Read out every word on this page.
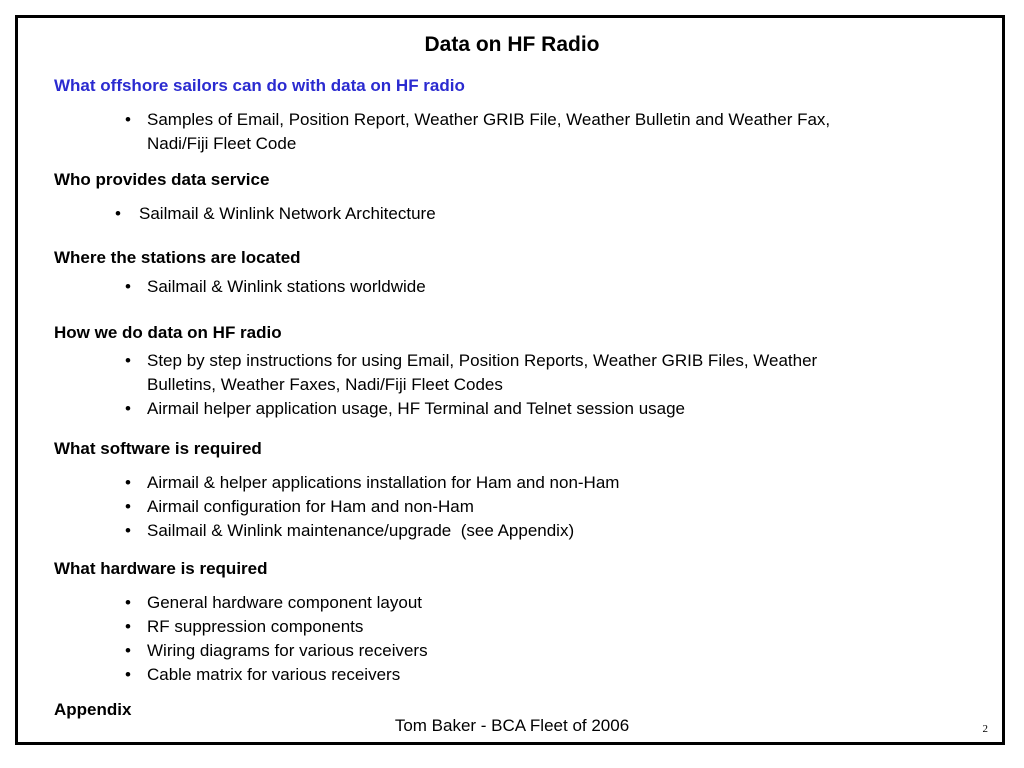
Data on HF Radio
What offshore sailors can do with data on HF radio
• Samples of Email, Position Report, Weather GRIB File, Weather Bulletin and Weather Fax,
Nadi/Fiji Fleet Code
Who provides data service
• Sailmail & Winlink Network Architecture
Where the stations are located
• Sailmail & Winlink stations worldwide
How we do data on HF radio
• Step by step instructions for using Email, Position Reports, Weather GRIB Files, Weather
Bulletins, Weather Faxes, Nadi/Fiji Fleet Codes
• Airmail helper application usage, HF Terminal and Telnet session usage
What software is required
• Airmail & helper applications installation for Ham and non-Ham
• Airmail configuration for Ham and non-Ham
• Sailmail & Winlink maintenance/upgrade  (see Appendix)
What hardware is required
• General hardware component layout
• RF suppression components
• Wiring diagrams for various receivers
• Cable matrix for various receivers
Appendix
Tom Baker - BCA Fleet of 2006	2
